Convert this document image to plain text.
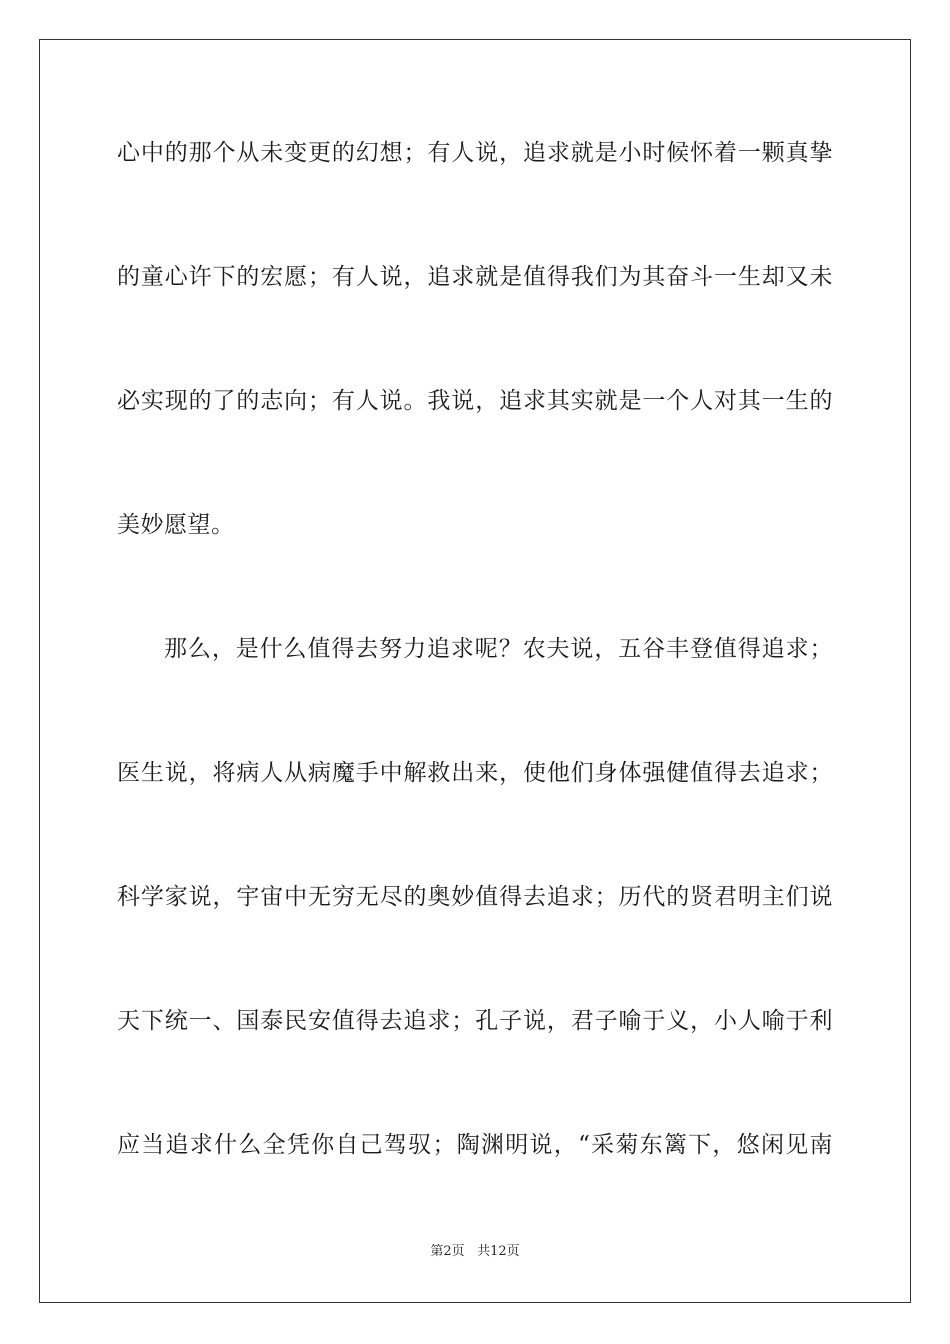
心中的那个从未变更的幻想；有人说，追求就是小时候怀着一颗真挚
的童心许下的宏愿；有人说，追求就是值得我们为其奋斗一生却又未
必实现的了的志向；有人说。我说，追求其实就是一个人对其一生的
美妙愿望。
那么，是什么值得去努力追求呢？农夫说，五谷丰登值得追求；
医生说，将病人从病魔手中解救出来，使他们身体强健值得去追求；
科学家说，宇宙中无穷无尽的奥妙值得去追求；历代的贤君明主们说
天下统一、国泰民安值得去追求；孔子说，君子喻于义，小人喻于利
应当追求什么全凭你自己驾驭；陶渊明说，“采菊东篱下，悠闲见南
第2页 共12页
